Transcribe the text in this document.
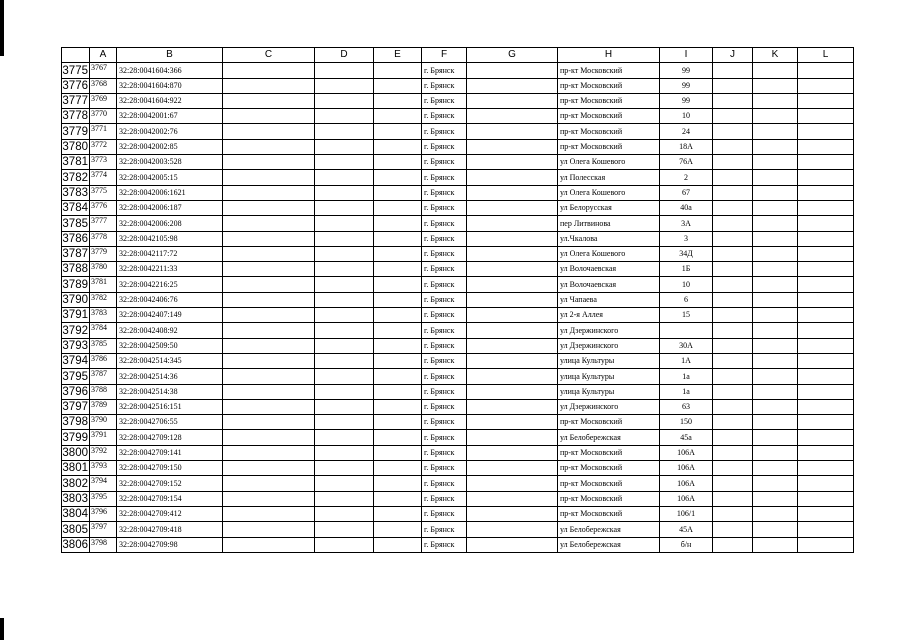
	A	B	C	D	E	F	G	H	I	J	K	L
3775	3767	32:28:0041604:366				г. Брянск		пр-кт Московский	99			
3776	3768	32:28:0041604:870				г. Брянск		пр-кт Московский	99			
3777	3769	32:28:0041604:922				г. Брянск		пр-кт Московский	99			
3778	3770	32:28:0042001:67				г. Брянск		пр-кт Московский	10			
3779	3771	32:28:0042002:76				г. Брянск		пр-кт Московский	24			
3780	3772	32:28:0042002:85				г. Брянск		пр-кт Московский	18А			
3781	3773	32:28:0042003:528				г. Брянск		ул Олега Кошевого	76А			
3782	3774	32:28:0042005:15				г. Брянск		ул Полесская	2			
3783	3775	32:28:0042006:1621				г. Брянск		ул Олега Кошевого	67			
3784	3776	32:28:0042006:187				г. Брянск		ул Белорусская	40а			
3785	3777	32:28:0042006:208				г. Брянск		пер Литвинова	3А			
3786	3778	32:28:0042105:98				г. Брянск		ул.Чкалова	3			
3787	3779	32:28:0042117:72				г. Брянск		ул Олега Кошевого	34Д			
3788	3780	32:28:0042211:33				г. Брянск		ул Волочаевская	1Б			
3789	3781	32:28:0042216:25				г. Брянск		ул Волочаевская	10			
3790	3782	32:28:0042406:76				г. Брянск		ул Чапаева	6			
3791	3783	32:28:0042407:149				г. Брянск		ул 2-я Аллея	15			
3792	3784	32:28:0042408:92				г. Брянск		ул Дзержинского				
3793	3785	32:28:0042509:50				г. Брянск		ул Дзержинского	30А			
3794	3786	32:28:0042514:345				г. Брянск		улица Культуры	1А			
3795	3787	32:28:0042514:36				г. Брянск		улица Культуры	1а			
3796	3788	32:28:0042514:38				г. Брянск		улица Культуры	1а			
3797	3789	32:28:0042516:151				г. Брянск		ул Дзержинского	63			
3798	3790	32:28:0042706:55				г. Брянск		пр-кт Московский	150			
3799	3791	32:28:0042709:128				г. Брянск		ул Белобережская	45а			
3800	3792	32:28:0042709:141				г. Брянск		пр-кт Московский	106А			
3801	3793	32:28:0042709:150				г. Брянск		пр-кт Московский	106А			
3802	3794	32:28:0042709:152				г. Брянск		пр-кт Московский	106А			
3803	3795	32:28:0042709:154				г. Брянск		пр-кт Московский	106А			
3804	3796	32:28:0042709:412				г. Брянск		пр-кт Московский	106/1			
3805	3797	32:28:0042709:418				г. Брянск		ул Белобережская	45А			
3806	3798	32:28:0042709:98				г. Брянск		ул Белобережская	б/н			
